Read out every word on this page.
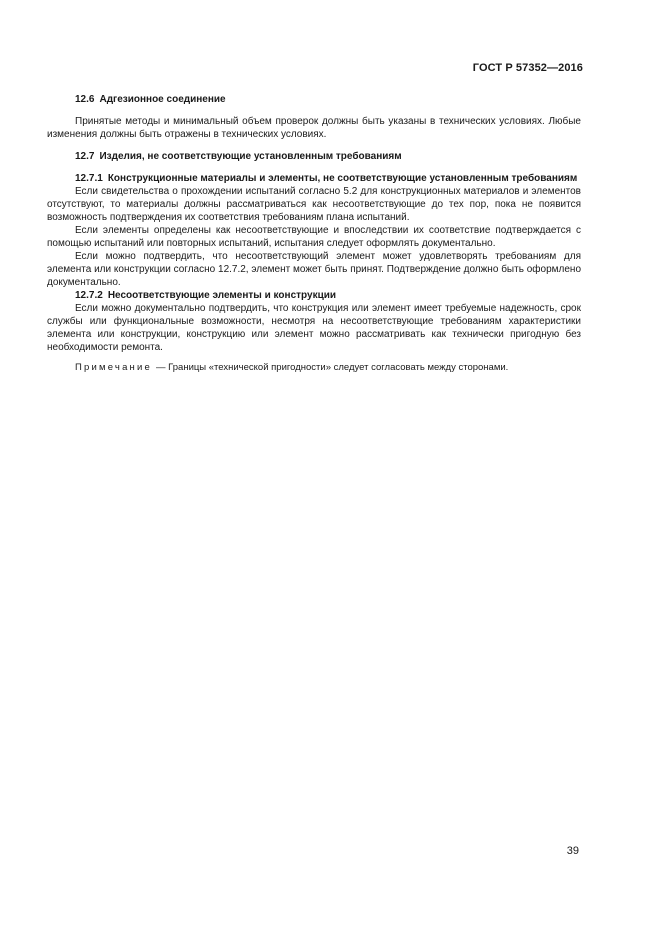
ГОСТ Р 57352—2016

12.6 Адгезионное соединение

Принятые методы и минимальный объем проверок должны быть указаны в технических условиях. Любые изменения должны быть отражены в технических условиях.

12.7 Изделия, не соответствующие установленным требованиям

12.7.1 Конструкционные материалы и элементы, не соответствующие установленным требованиям

Если свидетельства о прохождении испытаний согласно 5.2 для конструкционных материалов и элементов отсутствуют, то материалы должны рассматриваться как несоответствующие до тех пор, пока не появится возможность подтверждения их соответствия требованиям плана испытаний.

Если элементы определены как несоответствующие и впоследствии их соответствие подтверждается с помощью испытаний или повторных испытаний, испытания следует оформлять документально.

Если можно подтвердить, что несоответствующий элемент может удовлетворять требованиям для элемента или конструкции согласно 12.7.2, элемент может быть принят. Подтверждение должно быть оформлено документально.

12.7.2 Несоответствующие элементы и конструкции

Если можно документально подтвердить, что конструкция или элемент имеет требуемые надежность, срок службы или функциональные возможности, несмотря на несоответствующие требованиям характеристики элемента или конструкции, конструкцию или элемент можно рассматривать как технически пригодную без необходимости ремонта.

Примечание — Границы «технической пригодности» следует согласовать между сторонами.

39
